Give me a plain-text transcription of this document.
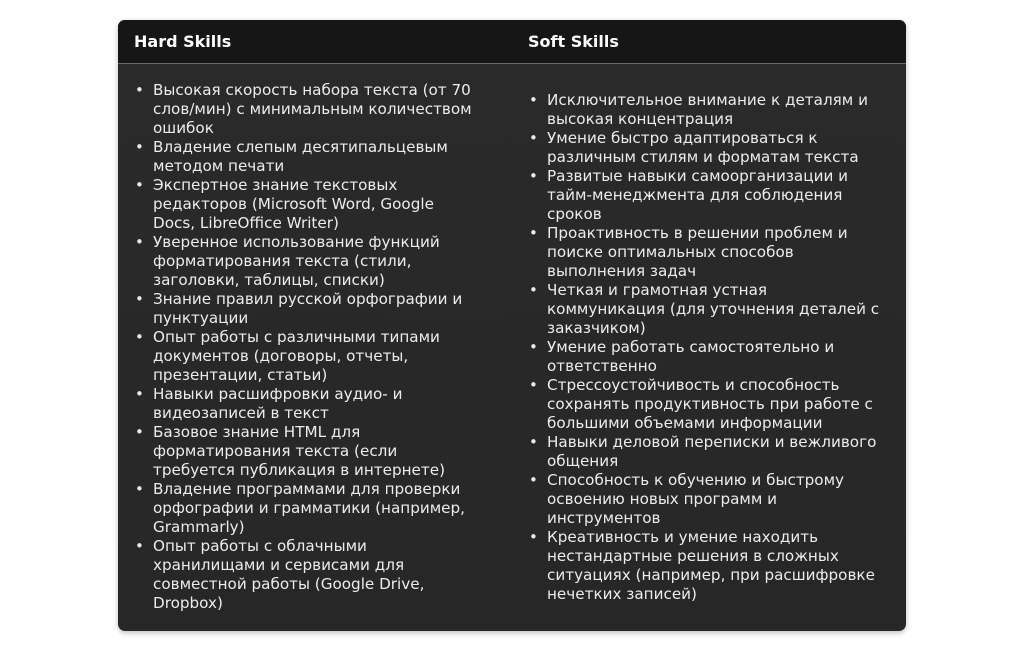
Hard Skills	Soft Skills
• Высокая скорость набора текста (от 70 слов/мин) с минимальным количеством ошибок
• Владение слепым десятипальцевым методом печати
• Экспертное знание текстовых редакторов (Microsoft Word, Google Docs, LibreOffice Writer)
• Уверенное использование функций форматирования текста (стили, заголовки, таблицы, списки)
• Знание правил русской орфографии и пунктуации
• Опыт работы с различными типами документов (договоры, отчеты, презентации, статьи)
• Навыки расшифровки аудио- и видеозаписей в текст
• Базовое знание HTML для форматирования текста (если требуется публикация в интернете)
• Владение программами для проверки орфографии и грамматики (например, Grammarly)
• Опыт работы с облачными хранилищами и сервисами для совместной работы (Google Drive, Dropbox)
• Исключительное внимание к деталям и высокая концентрация
• Умение быстро адаптироваться к различным стилям и форматам текста
• Развитые навыки самоорганизации и тайм-менеджмента для соблюдения сроков
• Проактивность в решении проблем и поиске оптимальных способов выполнения задач
• Четкая и грамотная устная коммуникация (для уточнения деталей с заказчиком)
• Умение работать самостоятельно и ответственно
• Стрессоустойчивость и способность сохранять продуктивность при работе с большими объемами информации
• Навыки деловой переписки и вежливого общения
• Способность к обучению и быстрому освоению новых программ и инструментов
• Креативность и умение находить нестандартные решения в сложных ситуациях (например, при расшифровке нечетких записей)
